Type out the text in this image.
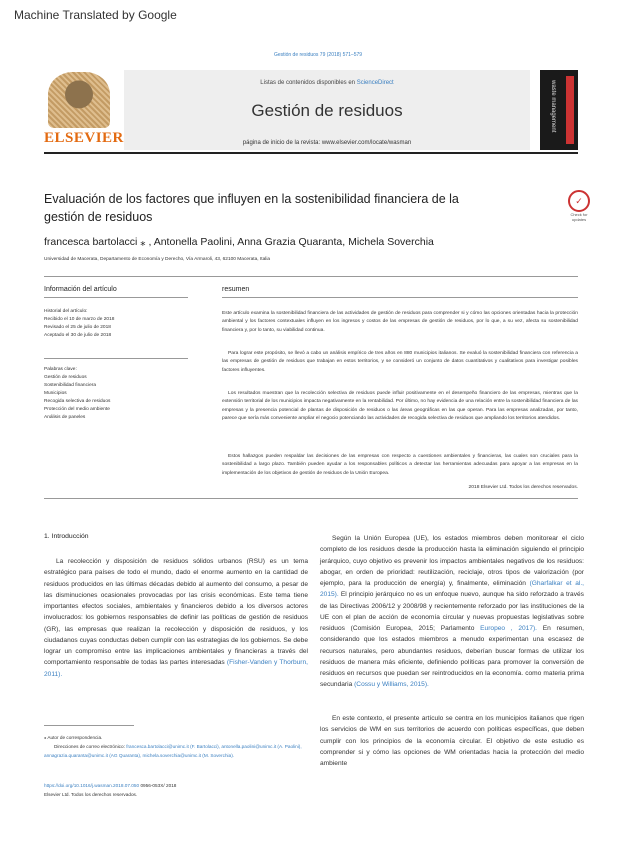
Machine Translated by Google
Gestión de residuos 79 (2018) 571–579
ELSEVIER
Listas de contenidos disponibles en ScienceDirect
Gestión de residuos
página de inicio de la revista: www.elsevier.com/locate/wasman
waste management
Evaluación de los factores que influyen en la sostenibilidad financiera de la gestión de residuos
✓
Check for updates
francesca bartolacci ⁎ , Antonella Paolini, Anna Grazia Quaranta, Michela Soverchia
Universidad de Macerata, Departamento de Economía y Derecho, Vía Armaroli, 43, 62100 Macerata, Italia
Información del artículo
Historial del artículo:
Recibido el 10 de marzo de 2018
Revisado el 25 de julio de 2018
Aceptado el 30 de julio de 2018
Palabras clave:
Gestión de residuos
Sostenibilidad financiera
Municipios
Recogida selectiva de residuos
Protección del medio ambiente
Análisis de paneles
resumen
Este artículo examina la sostenibilidad financiera de las actividades de gestión de residuos para comprender si y cómo las opciones orientadas hacia la protección ambiental y los factores contextuales influyen en los ingresos y costos de las empresas de gestión de residuos, por lo que, a su vez, afecta su sostenibilidad financiera y, por lo tanto, su viabilidad continua.
Para lograr este propósito, se llevó a cabo un análisis empírico de tres años en 880 municipios italianos. Se evaluó la sostenibilidad financiera con referencia a las empresas de gestión de residuos que trabajan en estos territorios, y se consideró un conjunto de datos cuantitativos y cualitativos para investigar posibles factores influyentes.
Los resultados muestran que la recolección selectiva de residuos puede influir positivamente en el desempeño financiero de las empresas, mientras que la extensión territorial de los municipios impacta negativamente en la rentabilidad. Por último, no hay evidencia de una relación entre la sostenibilidad financiera de las empresas y la presencia potencial de plantas de disposición de residuos o las áreas geográficas en las que operan. Para las empresas analizadas, por tanto, parece que sería más conveniente ampliar el negocio potenciando las actividades de recogida selectiva de residuos que ampliando los territorios atendidos.
Estos hallazgos pueden respaldar las decisiones de las empresas con respecto a cuestiones ambientales y financieras, las cuales son cruciales para la sostenibilidad a largo plazo. También pueden ayudar a los responsables políticos a detectar las herramientas adecuadas para apoyar a las empresas en la implementación de los objetivos de gestión de residuos de la Unión Europea.
2018 Elsevier Ltd. Todos los derechos reservados.
1. Introducción
La recolección y disposición de residuos sólidos urbanos (RSU) es un tema estratégico para países de todo el mundo, dado el enorme aumento en la cantidad de residuos producidos en las últimas décadas debido al aumento del consumo, a pesar de las disminuciones ocasionales provocadas por las crisis económicas. Este tema tiene importantes efectos sociales, ambientales y financieros debido a los diversos actores involucrados: los gobiernos responsables de definir las políticas de gestión de residuos (GR), las empresas que realizan la recolección y disposición de residuos, y los ciudadanos cuyas conductas deben cumplir con las estrategias de los gobiernos. Se debe lograr un compromiso entre las implicaciones ambientales y financieras a través del comportamiento responsable de todas las partes interesadas (Fisher-Vanden y Thorburn, 2011).
Según la Unión Europea (UE), los estados miembros deben monitorear el ciclo completo de los residuos desde la producción hasta la eliminación siguiendo el principio jerárquico, cuyo objetivo es prevenir los impactos ambientales negativos de los residuos: abogar, en orden de prioridad: reutilización, reciclaje, otros tipos de valorización (por ejemplo, para la producción de energía) y, finalmente, eliminación (Gharfalkar et al., 2015). El principio jerárquico no es un enfoque nuevo, aunque ha sido reforzado a través de las Directivas 2006/12 y 2008/98 y recientemente reforzado por las instituciones de la UE con el plan de acción de economía circular y nuevas propuestas legislativas sobre residuos (Comisión Europea, 2015; Parlamento Europeo , 2017). En resumen, considerando que los estados miembros a menudo experimentan una escasez de recursos naturales, pero abundantes residuos, deberían buscar formas de utilizar los residuos de manera más eficiente, definiendo políticas para promover la conversión de residuos en recursos que puedan ser reintroducidos en la economía. como materia prima secundaria (Cossu y Williams, 2015).
En este contexto, el presente artículo se centra en los municipios italianos que rigen los servicios de WM en sus territorios de acuerdo con políticas específicas, que deben cumplir con los principios de la economía circular. El objetivo de este estudio es comprender si y cómo las opciones de WM orientadas hacia la protección del medio ambiente
⁎ Autor de correspondencia.
Direcciones de correo electrónico: francesca.bartolacci@unimc.it (F. Bartolacci), antonella.paolini@unimc.it (A. Paolini), annagrazia.quaranta@unimc.it (AG Quaranta), michela.soverchia@unimc.it (M. Soverchia).
https://doi.org/10.1016/j.wasman.2018.07.050 0956-053X/ 2018
Elsevier Ltd. Todos los derechos reservados.
